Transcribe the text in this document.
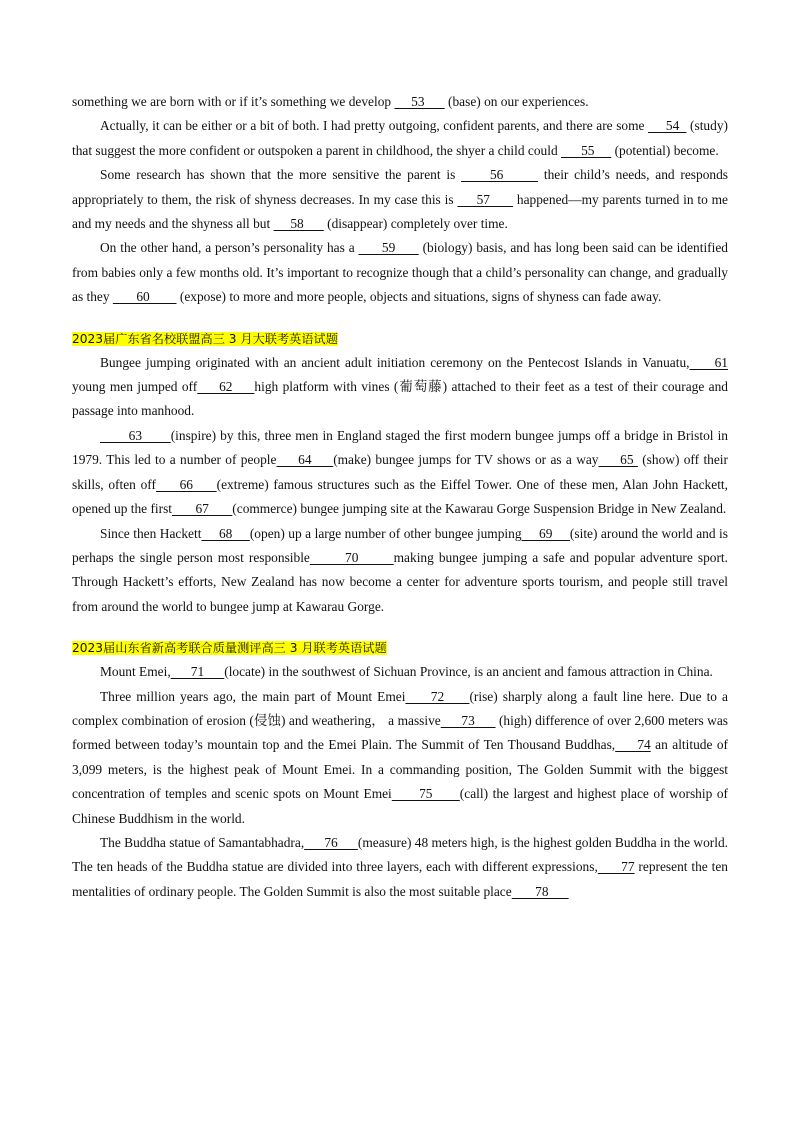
something we are born with or if it’s something we develop      53       (base) on our experiences.

Actually, it can be either or a bit of both. I had pretty outgoing, confident parents, and there are some      54   (study) that suggest the more confident or outspoken a parent in childhood, the shyer a child could       55      (potential) become.

Some research has shown that the more sensitive the parent is      56       their child’s needs, and responds appropriately to them, the risk of shyness decreases. In my case this is      57       happened—my parents turned in to me and my needs and the shyness all but      58       (disappear) completely over time.

On the other hand, a person’s personality has a       59       (biology) basis, and has long been said can be identified from babies only a few months old. It’s important to recognize though that a child’s personality can change, and gradually as they        60         (expose) to more and more people, objects and situations, signs of shyness can fade away.

2023届广东省名校联盟高三 3 月大联考英语试题

Bungee jumping originated with an ancient adult initiation ceremony on the Pentecost Islands in Vanuatu,     61 young men jumped off     62     high platform with vines (葡萄藤) attached to their feet as a test of their courage and passage into manhood.

63       (inspire) by this, three men in England staged the first modern bungee jumps off a bridge in Bristol in 1979. This led to a number of people     64     (make) bungee jumps for TV shows or as a way     65  (show) off their skills, often off     66     (extreme) famous structures such as the Eiffel Tower. One of these men, Alan John Hackett, opened up the first       67       (commerce) bungee jumping site at the Kawarau Gorge Suspension Bridge in New Zealand.

Since then Hackett     68     (open) up a large number of other bungee jumping     69     (site) around the world and is perhaps the single person most responsible       70       making bungee jumping a safe and popular adventure sport. Through Hackett’s efforts, New Zealand has now become a center for adventure sports tourism, and people still travel from around the world to bungee jump at Kawarau Gorge.

2023届山东省新高考联合质量测评高三 3 月联考英语试题

Mount Emei,      71      (locate) in the southwest of Sichuan Province, is an ancient and famous attraction in China.

Three million years ago, the main part of Mount Emei     72     (rise) sharply along a fault line here. Due to a complex combination of erosion (侵蚀) and weathering， a massive      73       (high) difference of over 2,600 meters was formed between today’s mountain top and the Emei Plain. The Summit of Ten Thousand Buddhas,     74 an altitude of 3,099 meters, is the highest peak of Mount Emei. In a commanding position, The Golden Summit with the biggest concentration of temples and scenic spots on Mount Emei      75      (call) the largest and highest place of worship of Chinese Buddhism in the world.

The Buddha statue of Samantabhadra,      76      (measure) 48 meters high, is the highest golden Buddha in the world. The ten heads of the Buddha statue are divided into three layers, each with different expressions,      77 represent the ten mentalities of ordinary people. The Golden Summit is also the most suitable place       78
